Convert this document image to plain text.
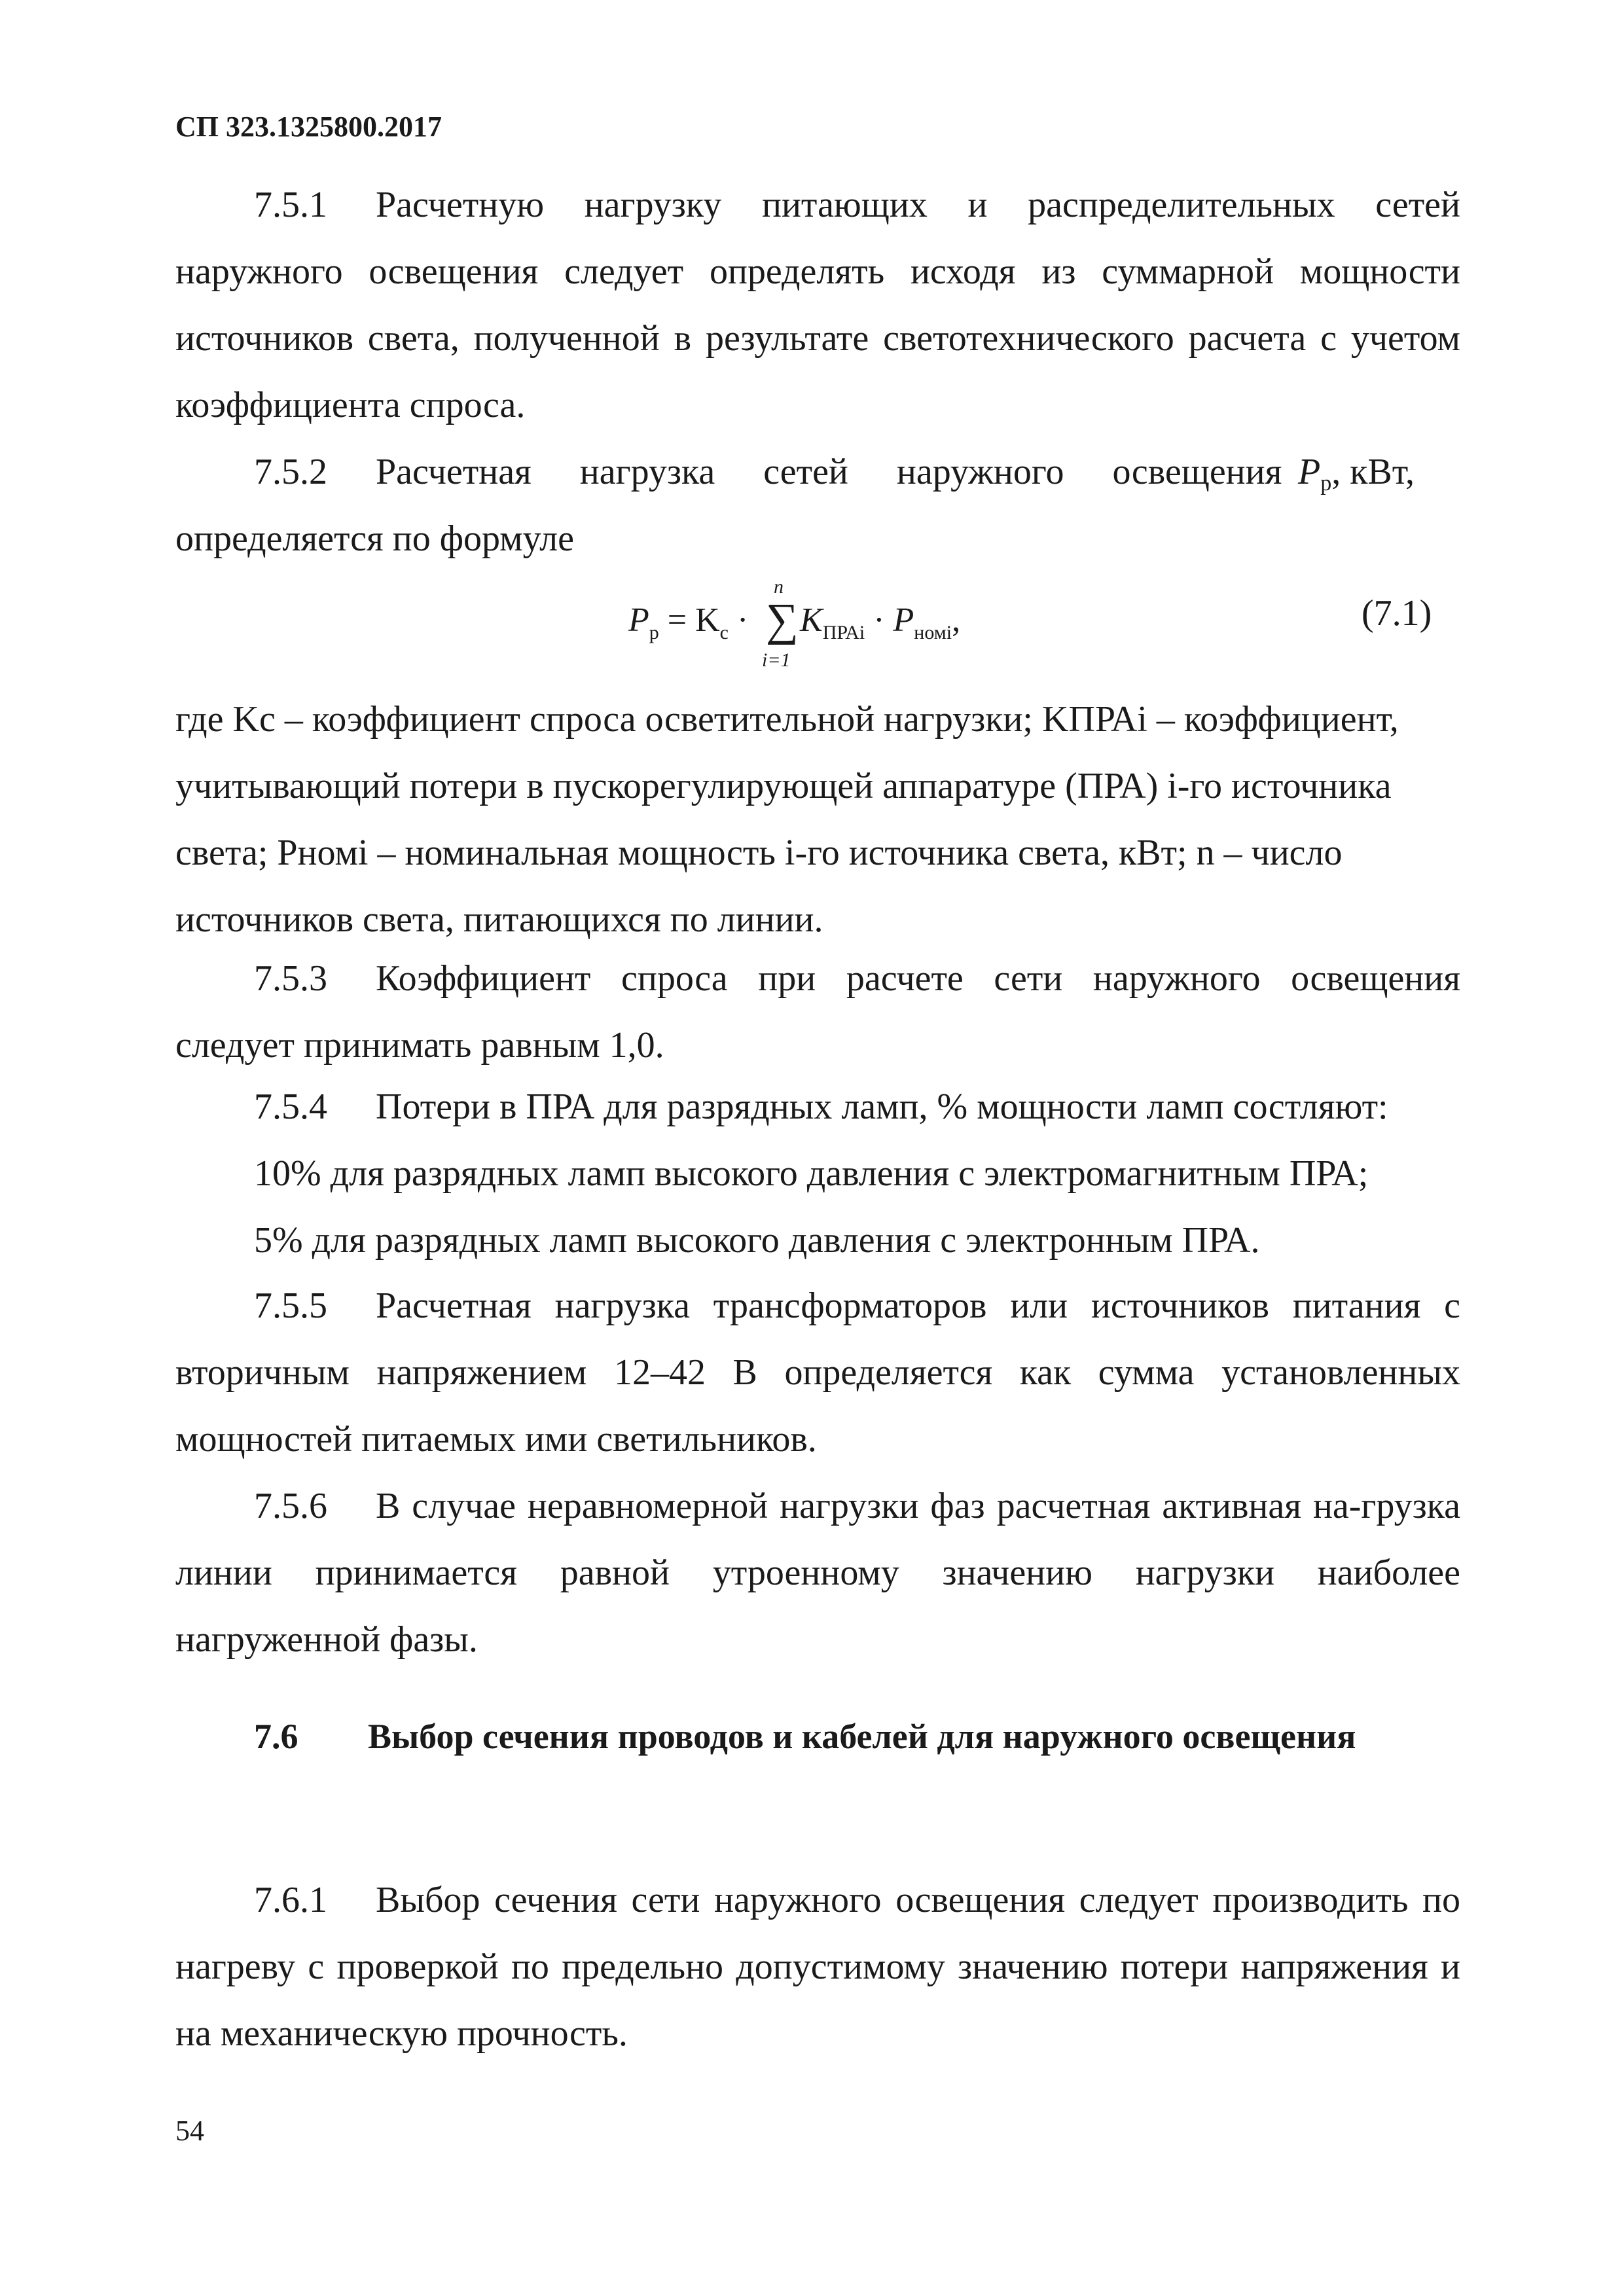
СП 323.1325800.2017
7.5.1 Расчетную нагрузку питающих и распределительных сетей наружного освещения следует определять исходя из суммарной мощности источников света, полученной в результате светотехнического расчета с учетом коэффициента спроса.
7.5.2 Расчетная нагрузка сетей наружного освещения Pр, кВт,
определяется по формуле
$P_р = K_с$ ·
n
∑
i=1
$K_{ПРАi} \cdot P_{номi}$,	(7.1)
где Kс – коэффициент спроса осветительной нагрузки; KПРАi – коэффициент,
учитывающий потери в пускорегулирующей аппаратуре (ПРА) i-го источника
света; Pномi – номинальная мощность i-го источника света, кВт; n – число
источников света, питающихся по линии.
7.5.3 Коэффициент спроса при расчете сети наружного освещения следует принимать равным 1,0.
7.5.4 Потери в ПРА для разрядных ламп, % мощности ламп состляют:
10% для разрядных ламп высокого давления с электромагнитным ПРА;
5% для разрядных ламп высокого давления с электронным ПРА.
7.5.5 Расчетная нагрузка трансформаторов или источников питания с вторичным напряжением 12–42 В определяется как сумма установленных мощностей питаемых ими светильников.
7.5.6 В случае неравномерной нагрузки фаз расчетная активная на-грузка линии принимается равной утроенному значению нагрузки наиболее нагруженной фазы.
7.6 Выбор сечения проводов и кабелей для наружного освещения
7.6.1 Выбор сечения сети наружного освещения следует производить по нагреву с проверкой по предельно допустимому значению потери напряжения и на механическую прочность.
54
